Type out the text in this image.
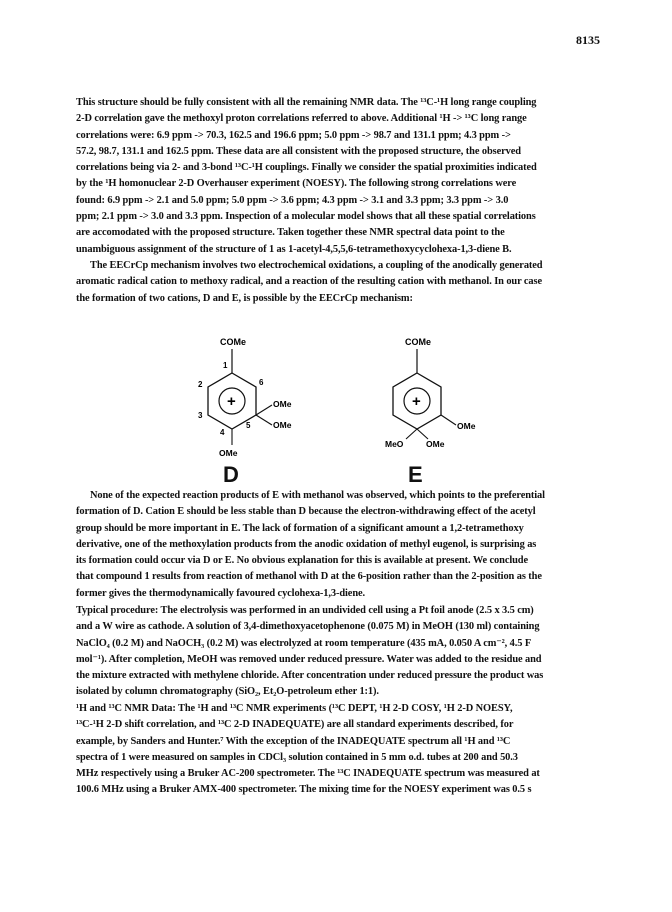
8135
This structure should be fully consistent with all the remaining NMR data. The ¹³C-¹H long range coupling
2-D correlation gave the methoxyl proton correlations referred to above. Additional ¹H -> ¹³C long range
correlations were: 6.9 ppm -> 70.3, 162.5 and 196.6 ppm; 5.0 ppm -> 98.7 and 131.1 ppm; 4.3 ppm ->
57.2, 98.7, 131.1 and 162.5 ppm. These data are all consistent with the proposed structure, the observed
correlations being via 2- and 3-bond ¹³C-¹H couplings. Finally we consider the spatial proximities indicated
by the ¹H homonuclear 2-D Overhauser experiment (NOESY). The following strong correlations were
found: 6.9 ppm -> 2.1 and 5.0 ppm; 5.0 ppm -> 3.6 ppm; 4.3 ppm -> 3.1 and 3.3 ppm; 3.3 ppm -> 3.0
ppm; 2.1 ppm -> 3.0 and 3.3 ppm. Inspection of a molecular model shows that all these spatial correlations
are accomodated with the proposed structure. Taken together these NMR spectral data point to the
unambiguous assignment of the structure of 1 as 1-acetyl-4,5,5,6-tetramethoxycyclohexa-1,3-diene B.
The EECrCp mechanism involves two electrochemical oxidations, a coupling of the anodically generated
aromatic radical cation to methoxy radical, and a reaction of the resulting cation with methanol. In our case
the formation of two cations, D and E, is possible by the EECrCp mechanism:
COMe
+
1
2
3
4
5
6
OMe
OMe
OMe
D
COMe
+
OMe
MeO	OMe
E
None of the expected reaction products of E with methanol was observed, which points to the preferential
formation of D. Cation E should be less stable than D because the electron-withdrawing effect of the acetyl
group should be more important in E. The lack of formation of a significant amount a 1,2-tetramethoxy
derivative, one of the methoxylation products from the anodic oxidation of methyl eugenol, is surprising as
its formation could occur via D or E. No obvious explanation for this is available at present. We conclude
that compound 1 results from reaction of methanol with D at the 6-position rather than the 2-position as the
former gives the thermodynamically favoured cyclohexa-1,3-diene.
Typical procedure: The electrolysis was performed in an undivided cell using a Pt foil anode (2.5 x 3.5 cm)
and a W wire as cathode. A solution of 3,4-dimethoxyacetophenone (0.075 M) in MeOH (130 ml) containing
NaClO₄ (0.2 M) and NaOCH₃ (0.2 M) was electrolyzed at room temperature (435 mA, 0.050 A cm⁻², 4.5 F
mol⁻¹). After completion, MeOH was removed under reduced pressure. Water was added to the residue and
the mixture extracted with methylene chloride. After concentration under reduced pressure the product was
isolated by column chromatography (SiO₂, Et₂O-petroleum ether 1:1).
¹H and ¹³C NMR Data: The ¹H and ¹³C NMR experiments (¹³C DEPT, ¹H 2-D COSY, ¹H 2-D NOESY,
¹³C-¹H 2-D shift correlation, and ¹³C 2-D INADEQUATE) are all standard experiments described, for
example, by Sanders and Hunter.⁷ With the exception of the INADEQUATE spectrum all ¹H and ¹³C
spectra of 1 were measured on samples in CDCl₃ solution contained in 5 mm o.d. tubes at 200 and 50.3
MHz respectively using a Bruker AC-200 spectrometer. The ¹³C INADEQUATE spectrum was measured at
100.6 MHz using a Bruker AMX-400 spectrometer. The mixing time for the NOESY experiment was 0.5 s
